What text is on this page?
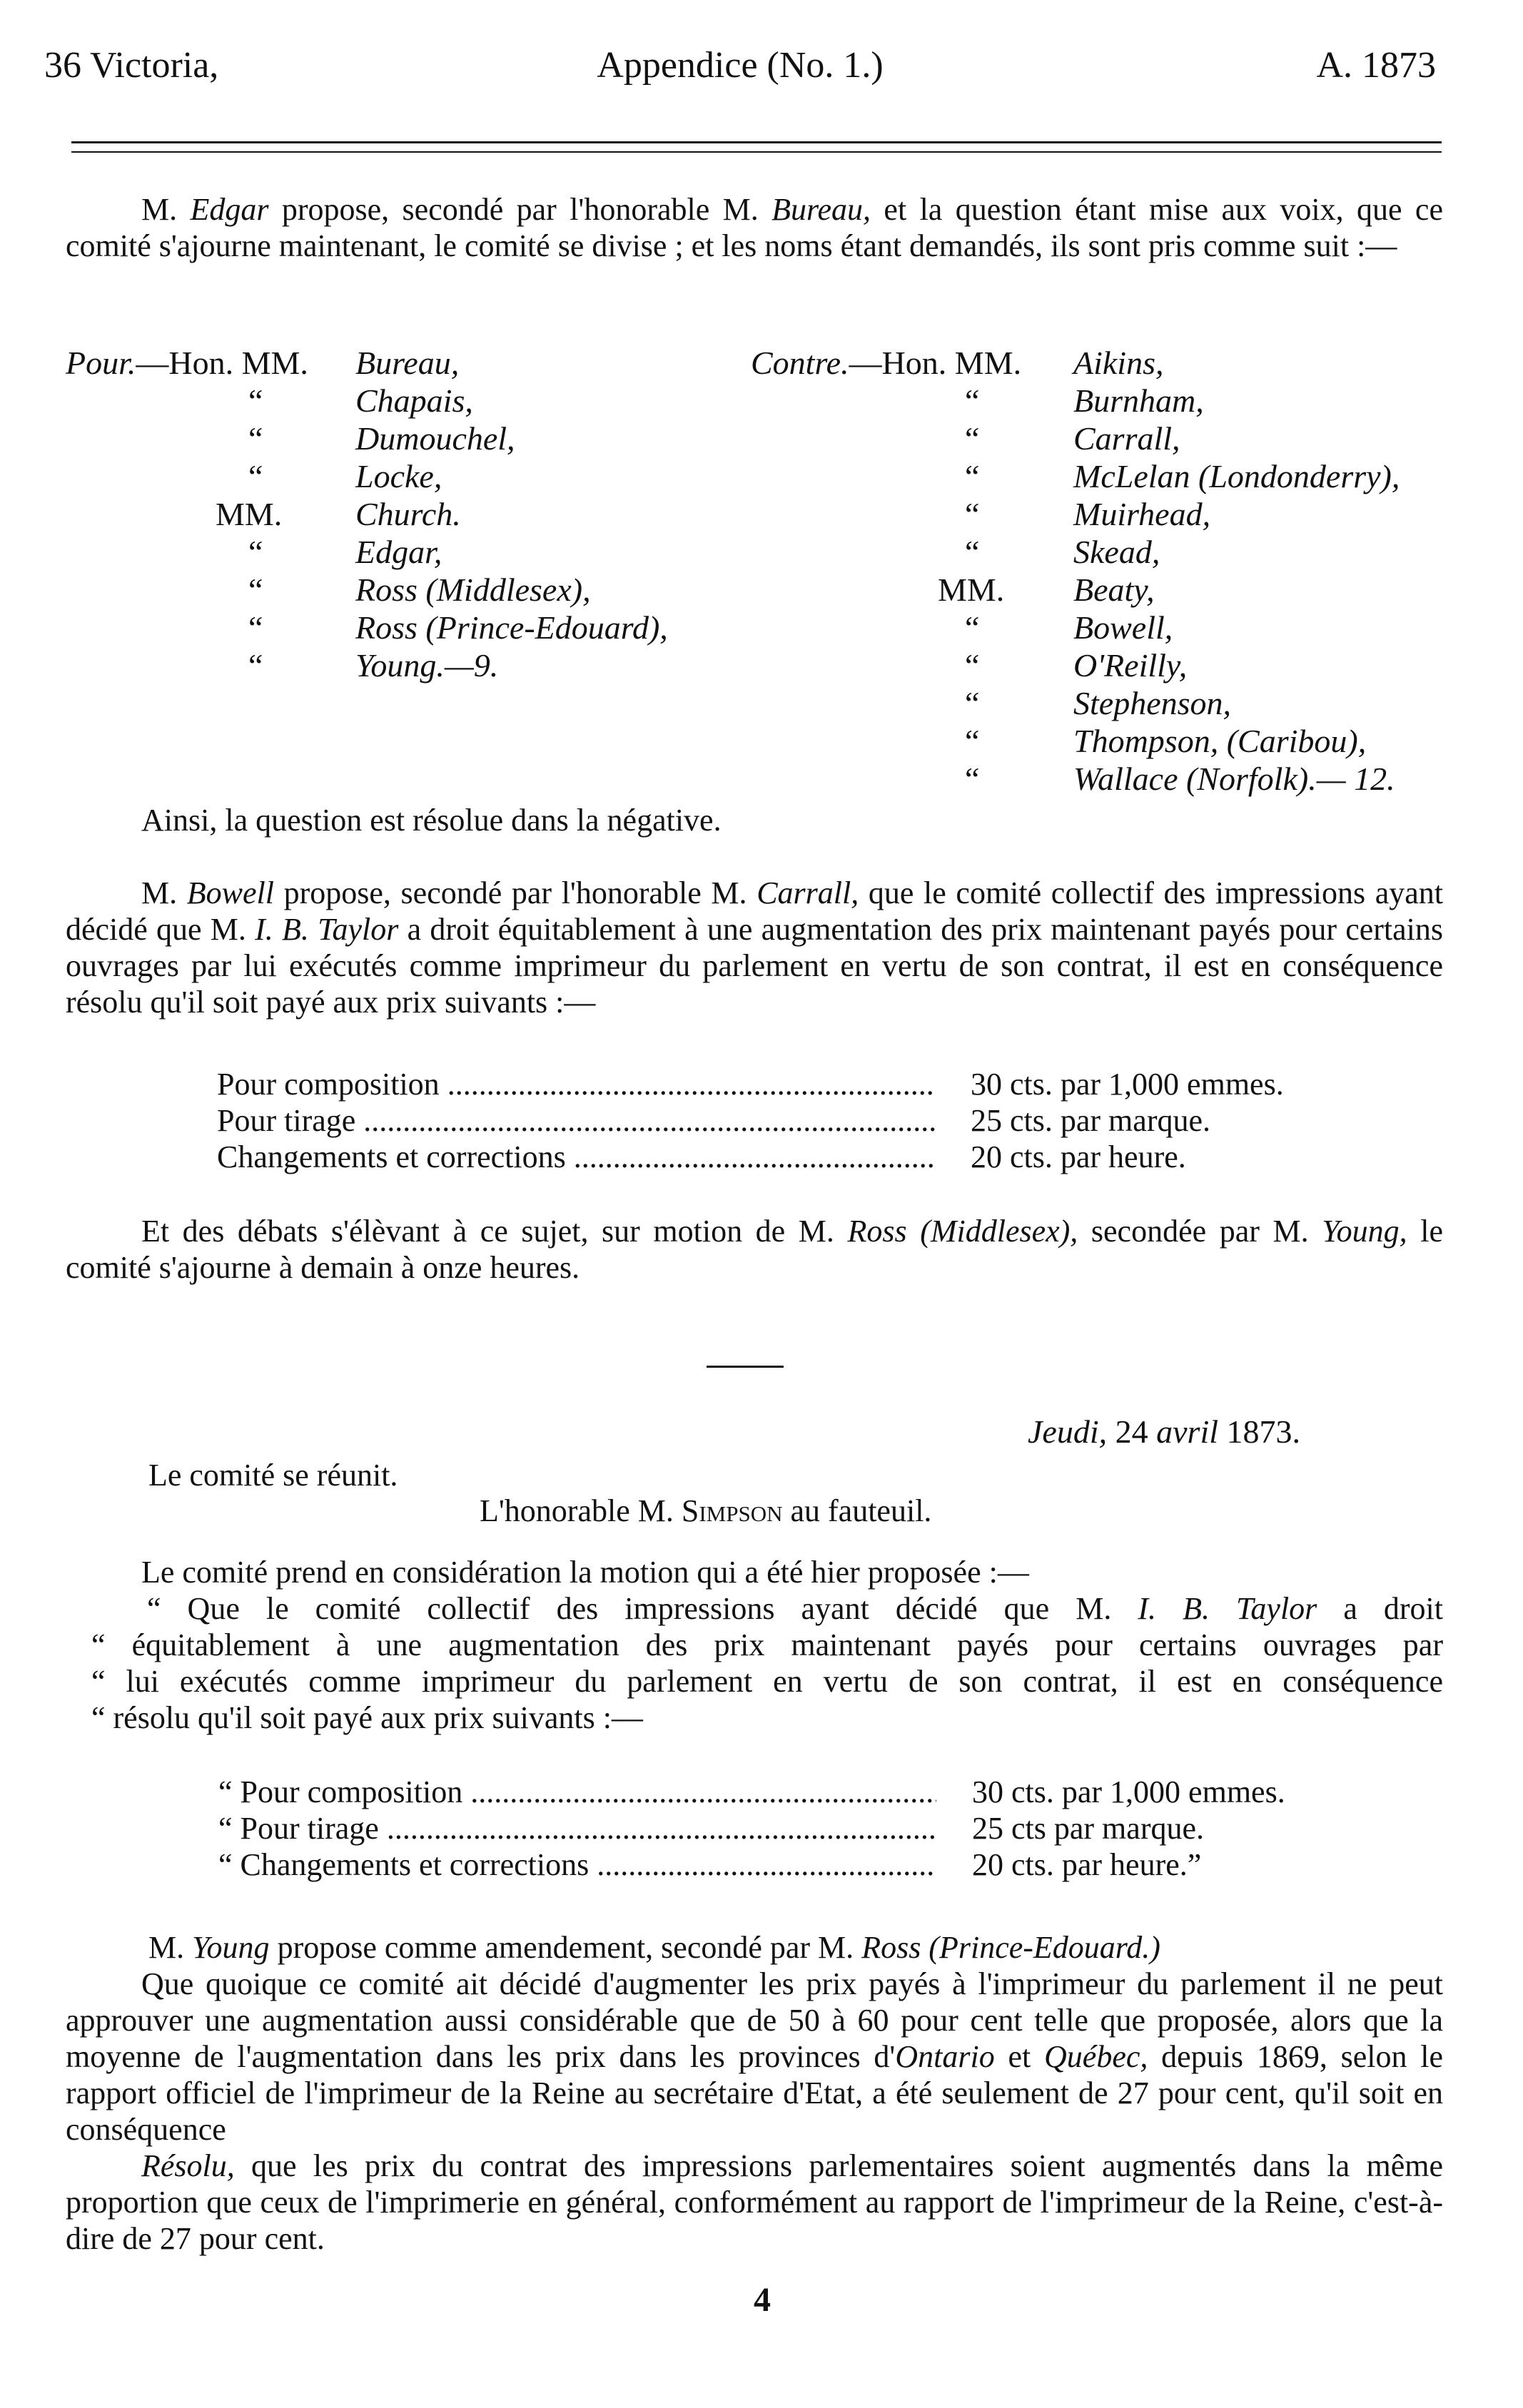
36 Victoria,	Appendice (No. 1.)	A. 1873
M. Edgar propose, secondé par l'honorable M. Bureau, et la question étant mise aux voix, que ce comité s'ajourne maintenant, le comité se divise ; et les noms étant demandés, ils sont pris comme suit :—
Pour.—Hon. MM. Bureau,
“	Chapais,
“	Dumouchel,
“	Locke,
MM. Church.
“	Edgar,
“	Ross (Middlesex),
“	Ross (Prince-Edouard),
“	Young.—9.
Contre.—Hon. MM. Aikins,
“	Burnham,
“	Carrall,
“	McLelan (Londonderry),
“	Muirhead,
“	Skead,
MM. Beaty,
“	Bowell,
“	O'Reilly,
“	Stephenson,
“	Thompson, (Caribou),
“	Wallace (Norfolk).— 12.
Ainsi, la question est résolue dans la négative.
M. Bowell propose, secondé par l'honorable M. Carrall, que le comité collectif des impressions ayant décidé que M. I. B. Taylor a droit équitablement à une augmentation des prix maintenant payés pour certains ouvrages par lui exécutés comme imprimeur du parlement en vertu de son contrat, il est en conséquence résolu qu'il soit payé aux prix suivants :—
Pour composition .....	30 cts. par 1,000 emmes.
Pour tirage .....	25 cts. par marque.
Changements et corrections .....	20 cts. par heure.
Et des débats s'élèvant à ce sujet, sur motion de M. Ross (Middlesex), secondée par M. Young, le comité s'ajourne à demain à onze heures.
Jeudi, 24 avril 1873.
Le comité se réunit.
L'honorable M. Simpson au fauteuil.
Le comité prend en considération la motion qui a été hier proposée :—
“ Que le comité collectif des impressions ayant décidé que M. I. B. Taylor a droit
“ équitablement à une augmentation des prix maintenant payés pour certains ouvrages par
“ lui exécutés comme imprimeur du parlement en vertu de son contrat, il est en conséquence
“ résolu qu'il soit payé aux prix suivants :—
“ Pour composition .....	30 cts. par 1,000 emmes.
“ Pour tirage .....	25 cts par marque.
“ Changements et corrections .....	20 cts. par heure.”
M. Young propose comme amendement, secondé par M. Ross (Prince-Edouard.)
Que quoique ce comité ait décidé d'augmenter les prix payés à l'imprimeur du parlement il ne peut approuver une augmentation aussi considérable que de 50 à 60 pour cent telle que proposée, alors que la moyenne de l'augmentation dans les prix dans les provinces d'Ontario et Québec, depuis 1869, selon le rapport officiel de l'imprimeur de la Reine au secrétaire d'Etat, a été seulement de 27 pour cent, qu'il soit en conséquence
Résolu, que les prix du contrat des impressions parlementaires soient augmentés dans la même proportion que ceux de l'imprimerie en général, conformément au rapport de l'imprimeur de la Reine, c'est-à-dire de 27 pour cent.
4
